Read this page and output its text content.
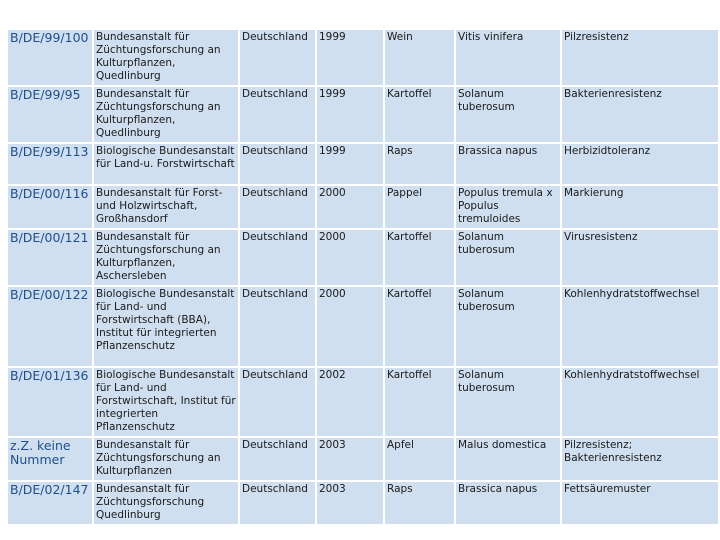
B/DE/99/100	Bundesanstalt für Züchtungsforschung an Kulturpflanzen, Quedlinburg	Deutschland	1999	Wein	Vitis vinifera	Pilzresistenz
B/DE/99/95	Bundesanstalt für Züchtungsforschung an Kulturpflanzen, Quedlinburg	Deutschland	1999	Kartoffel	Solanum tuberosum	Bakterienresistenz
B/DE/99/113	Biologische Bundesanstalt für Land-u. Forstwirtschaft	Deutschland	1999	Raps	Brassica napus	Herbizidtoleranz
B/DE/00/116	Bundesanstalt für Forst- und Holzwirtschaft, Großhansdorf	Deutschland	2000	Pappel	Populus tremula x Populus tremuloides	Markierung
B/DE/00/121	Bundesanstalt für Züchtungsforschung an Kulturpflanzen, Aschersleben	Deutschland	2000	Kartoffel	Solanum tuberosum	Virusresistenz
B/DE/00/122	Biologische Bundesanstalt für Land- und Forstwirtschaft (BBA), Institut für integrierten Pflanzenschutz	Deutschland	2000	Kartoffel	Solanum tuberosum	Kohlenhydratstoffwechsel
B/DE/01/136	Biologische Bundesanstalt für Land- und Forstwirtschaft, Institut für integrierten Pflanzenschutz	Deutschland	2002	Kartoffel	Solanum tuberosum	Kohlenhydratstoffwechsel
z.Z. keine Nummer	Bundesanstalt für Züchtungsforschung an Kulturpflanzen	Deutschland	2003	Apfel	Malus domestica	Pilzresistenz; Bakterienresistenz
B/DE/02/147	Bundesanstalt für Züchtungsforschung Quedlinburg	Deutschland	2003	Raps	Brassica napus	Fettsäuremuster
